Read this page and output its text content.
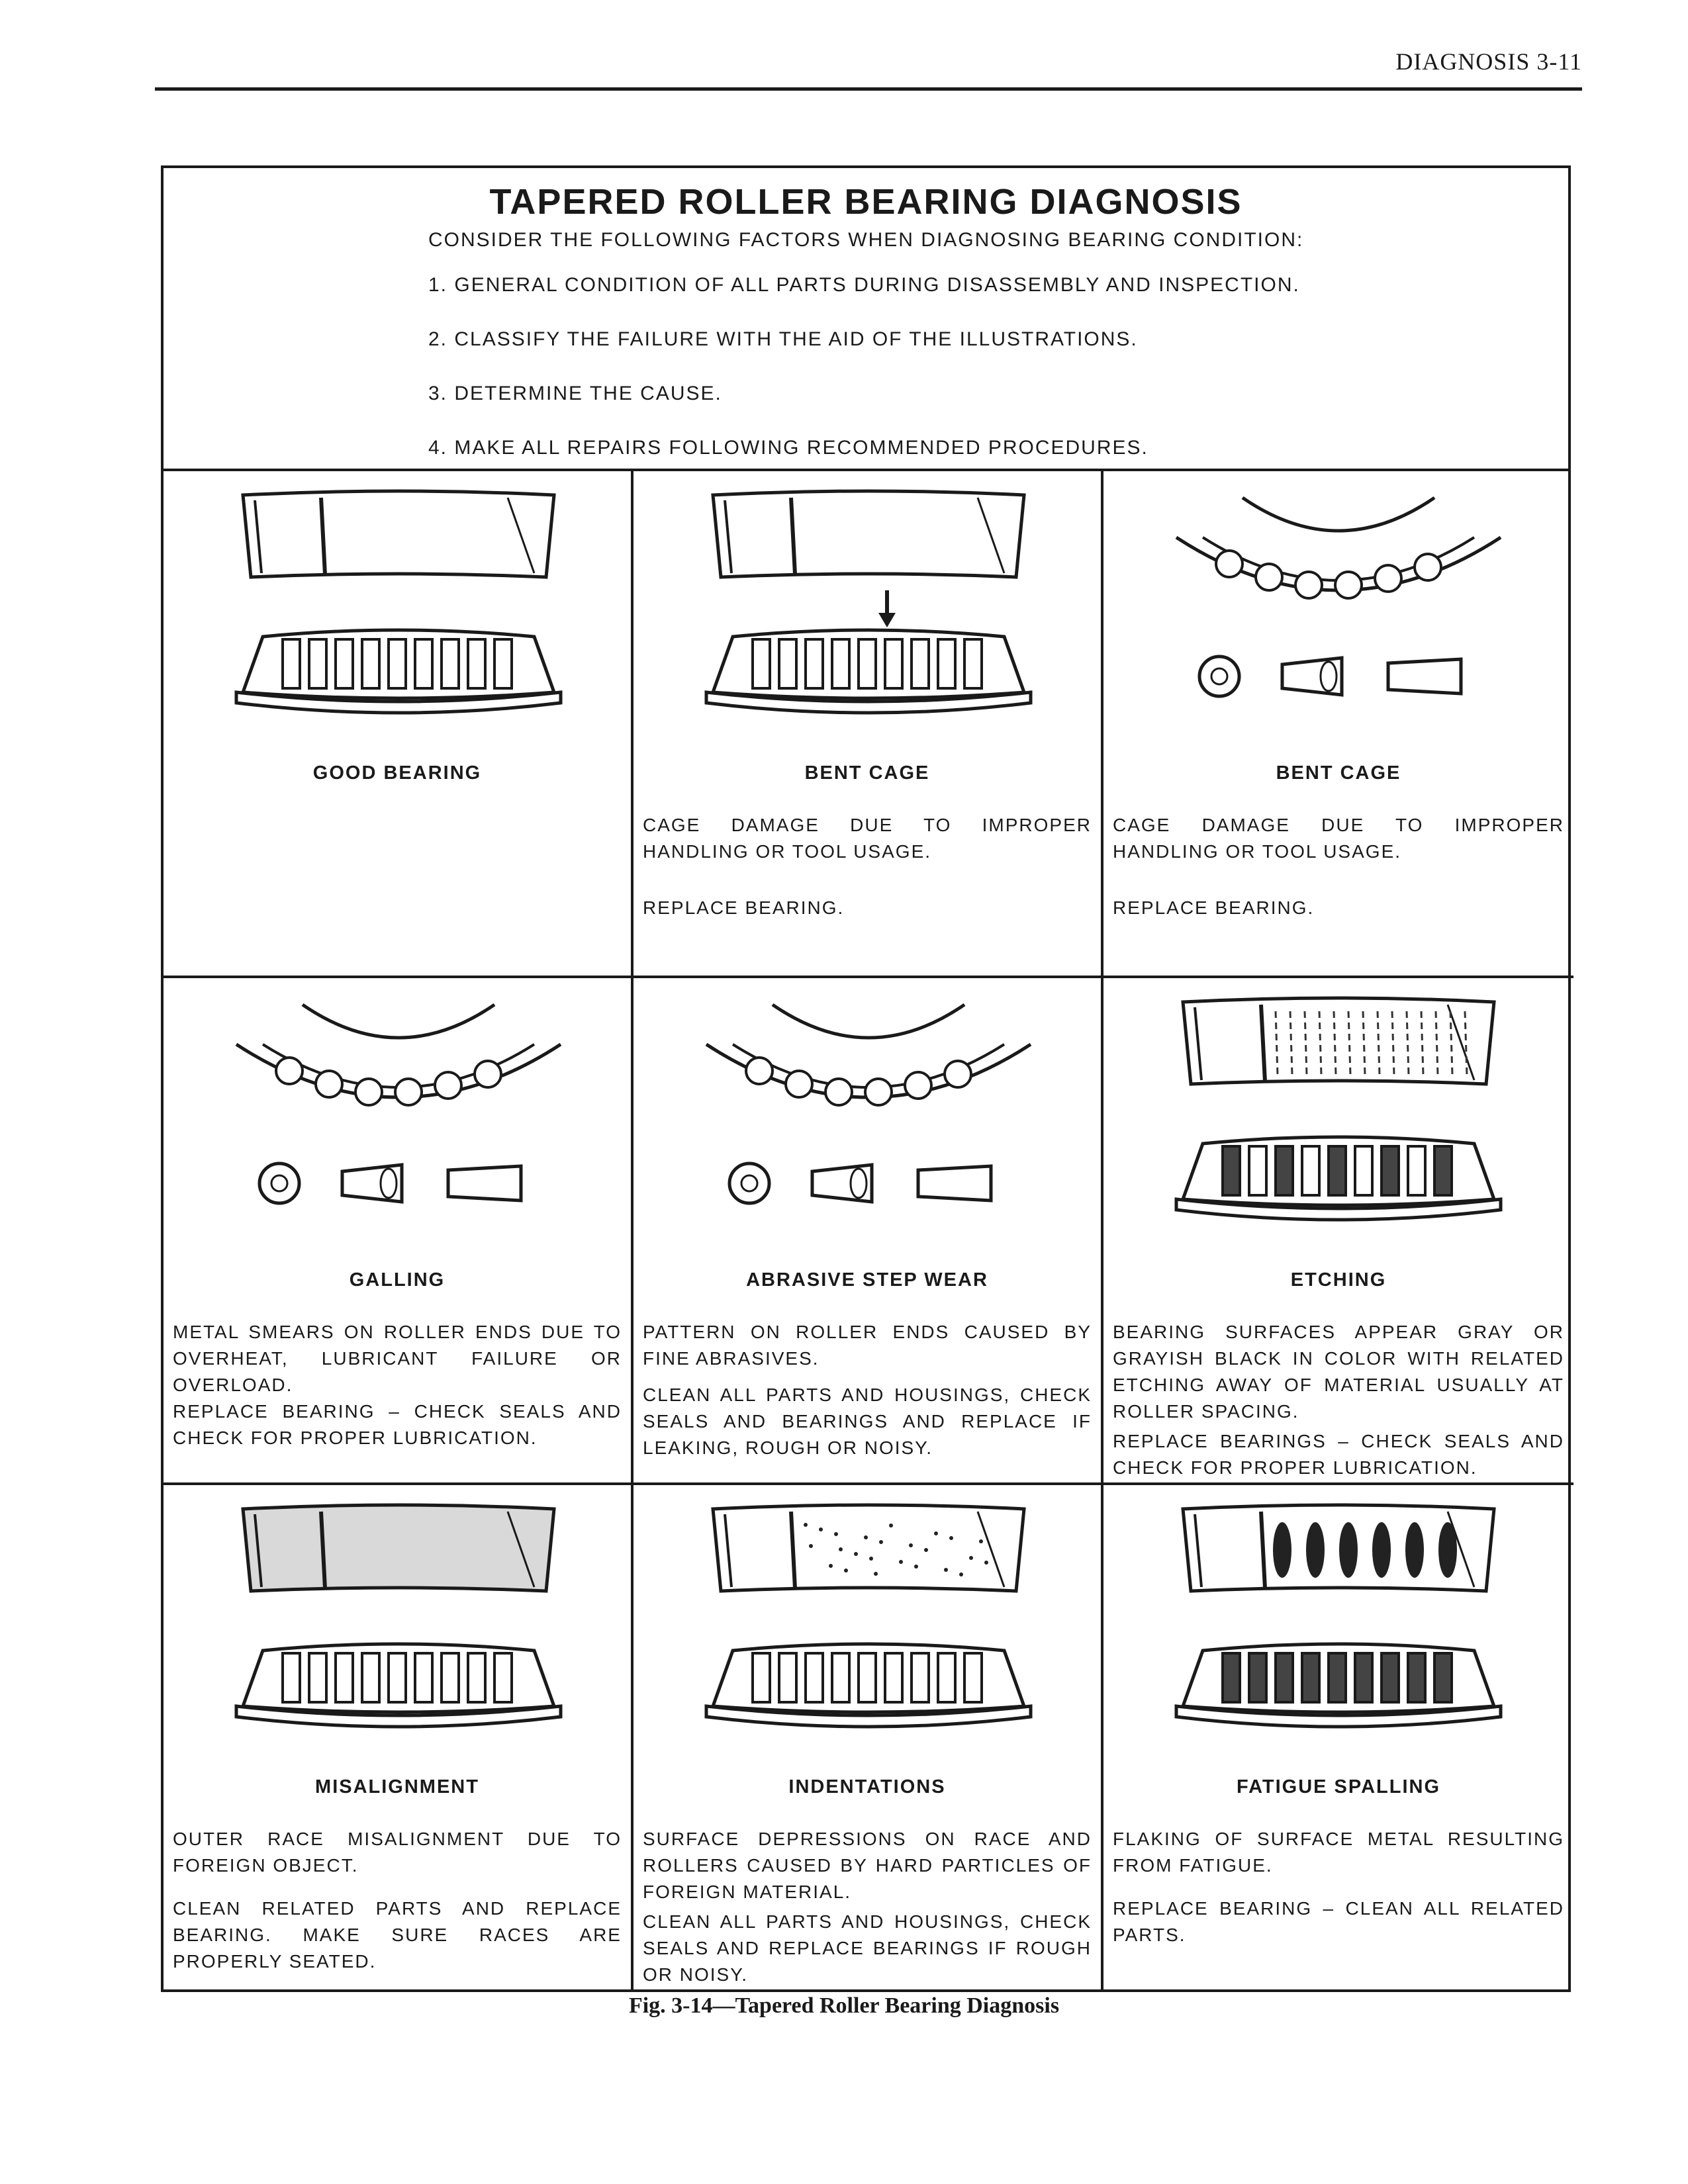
DIAGNOSIS 3-11
TAPERED ROLLER BEARING DIAGNOSIS
CONSIDER THE FOLLOWING FACTORS WHEN DIAGNOSING BEARING CONDITION:
1. GENERAL CONDITION OF ALL PARTS DURING DISASSEMBLY AND INSPECTION.
2. CLASSIFY THE FAILURE WITH THE AID OF THE ILLUSTRATIONS.
3. DETERMINE THE CAUSE.
4. MAKE ALL REPAIRS FOLLOWING RECOMMENDED PROCEDURES.
GOOD BEARING	BENT CAGE
CAGE DAMAGE DUE TO IMPROPER HANDLING OR TOOL USAGE.
REPLACE BEARING.
BENT CAGE
CAGE DAMAGE DUE TO IMPROPER HANDLING OR TOOL USAGE.
REPLACE BEARING.
GALLING
METAL SMEARS ON ROLLER ENDS DUE TO OVERHEAT, LUBRICANT FAILURE OR OVERLOAD.
REPLACE BEARING – CHECK SEALS AND CHECK FOR PROPER LUBRICATION.
ABRASIVE STEP WEAR
PATTERN ON ROLLER ENDS CAUSED BY FINE ABRASIVES.
CLEAN ALL PARTS AND HOUSINGS, CHECK SEALS AND BEARINGS AND REPLACE IF LEAKING, ROUGH OR NOISY.
ETCHING
BEARING SURFACES APPEAR GRAY OR GRAYISH BLACK IN COLOR WITH RELATED ETCHING AWAY OF MATERIAL USUALLY AT ROLLER SPACING.
REPLACE BEARINGS – CHECK SEALS AND CHECK FOR PROPER LUBRICATION.
MISALIGNMENT
OUTER RACE MISALIGNMENT DUE TO FOREIGN OBJECT.
CLEAN RELATED PARTS AND REPLACE BEARING. MAKE SURE RACES ARE PROPERLY SEATED.
INDENTATIONS
SURFACE DEPRESSIONS ON RACE AND ROLLERS CAUSED BY HARD PARTICLES OF FOREIGN MATERIAL.
CLEAN ALL PARTS AND HOUSINGS, CHECK SEALS AND REPLACE BEARINGS IF ROUGH OR NOISY.
FATIGUE SPALLING
FLAKING OF SURFACE METAL RESULTING FROM FATIGUE.
REPLACE BEARING – CLEAN ALL RELATED PARTS.
Fig. 3-14—Tapered Roller Bearing Diagnosis
